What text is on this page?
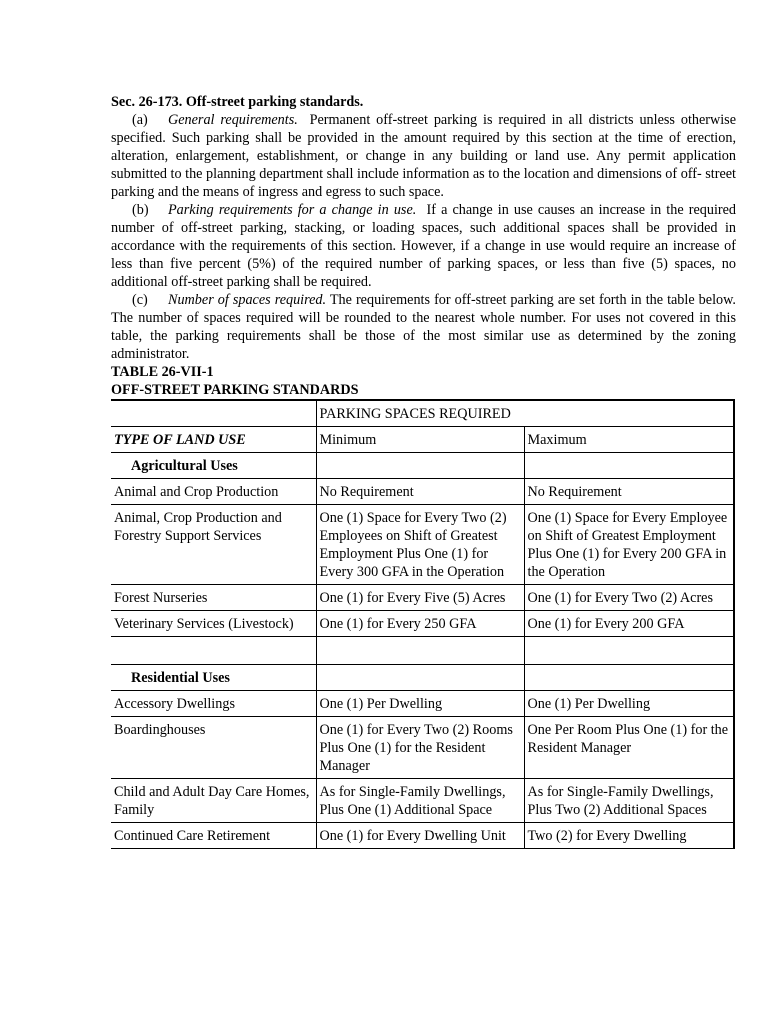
Sec. 26-173. Off-street parking standards.
(a) General requirements. Permanent off-street parking is required in all districts unless otherwise specified. Such parking shall be provided in the amount required by this section at the time of erection, alteration, enlargement, establishment, or change in any building or land use. Any permit application submitted to the planning department shall include information as to the location and dimensions of off- street parking and the means of ingress and egress to such space.
(b) Parking requirements for a change in use. If a change in use causes an increase in the required number of off-street parking, stacking, or loading spaces, such additional spaces shall be provided in accordance with the requirements of this section. However, if a change in use would require an increase of less than five percent (5%) of the required number of parking spaces, or less than five (5) spaces, no additional off-street parking shall be required.
(c) Number of spaces required. The requirements for off-street parking are set forth in the table below. The number of spaces required will be rounded to the nearest whole number. For uses not covered in this table, the parking requirements shall be those of the most similar use as determined by the zoning administrator.
TABLE 26-VII-1
OFF-STREET PARKING STANDARDS
	PARKING SPACES REQUIRED	
TYPE OF LAND USE	Minimum	Maximum
Agricultural Uses		
Animal and Crop Production	No Requirement	No Requirement
Animal, Crop Production and Forestry Support Services	One (1) Space for Every Two (2) Employees on Shift of Greatest Employment Plus One (1) for Every 300 GFA in the Operation	One (1) Space for Every Employee on Shift of Greatest Employment Plus One (1) for Every 200 GFA in the Operation
Forest Nurseries	One (1) for Every Five (5) Acres	One (1) for Every Two (2) Acres
Veterinary Services (Livestock)	One (1) for Every 250 GFA	One (1) for Every 200 GFA

Residential Uses		
Accessory Dwellings	One (1) Per Dwelling	One (1) Per Dwelling
Boardinghouses	One (1) for Every Two (2) Rooms Plus One (1) for the Resident Manager	One Per Room Plus One (1) for the Resident Manager
Child and Adult Day Care Homes, Family	As for Single-Family Dwellings, Plus One (1) Additional Space	As for Single-Family Dwellings, Plus Two (2) Additional Spaces
Continued Care Retirement	One (1) for Every Dwelling Unit	Two (2) for Every Dwelling
